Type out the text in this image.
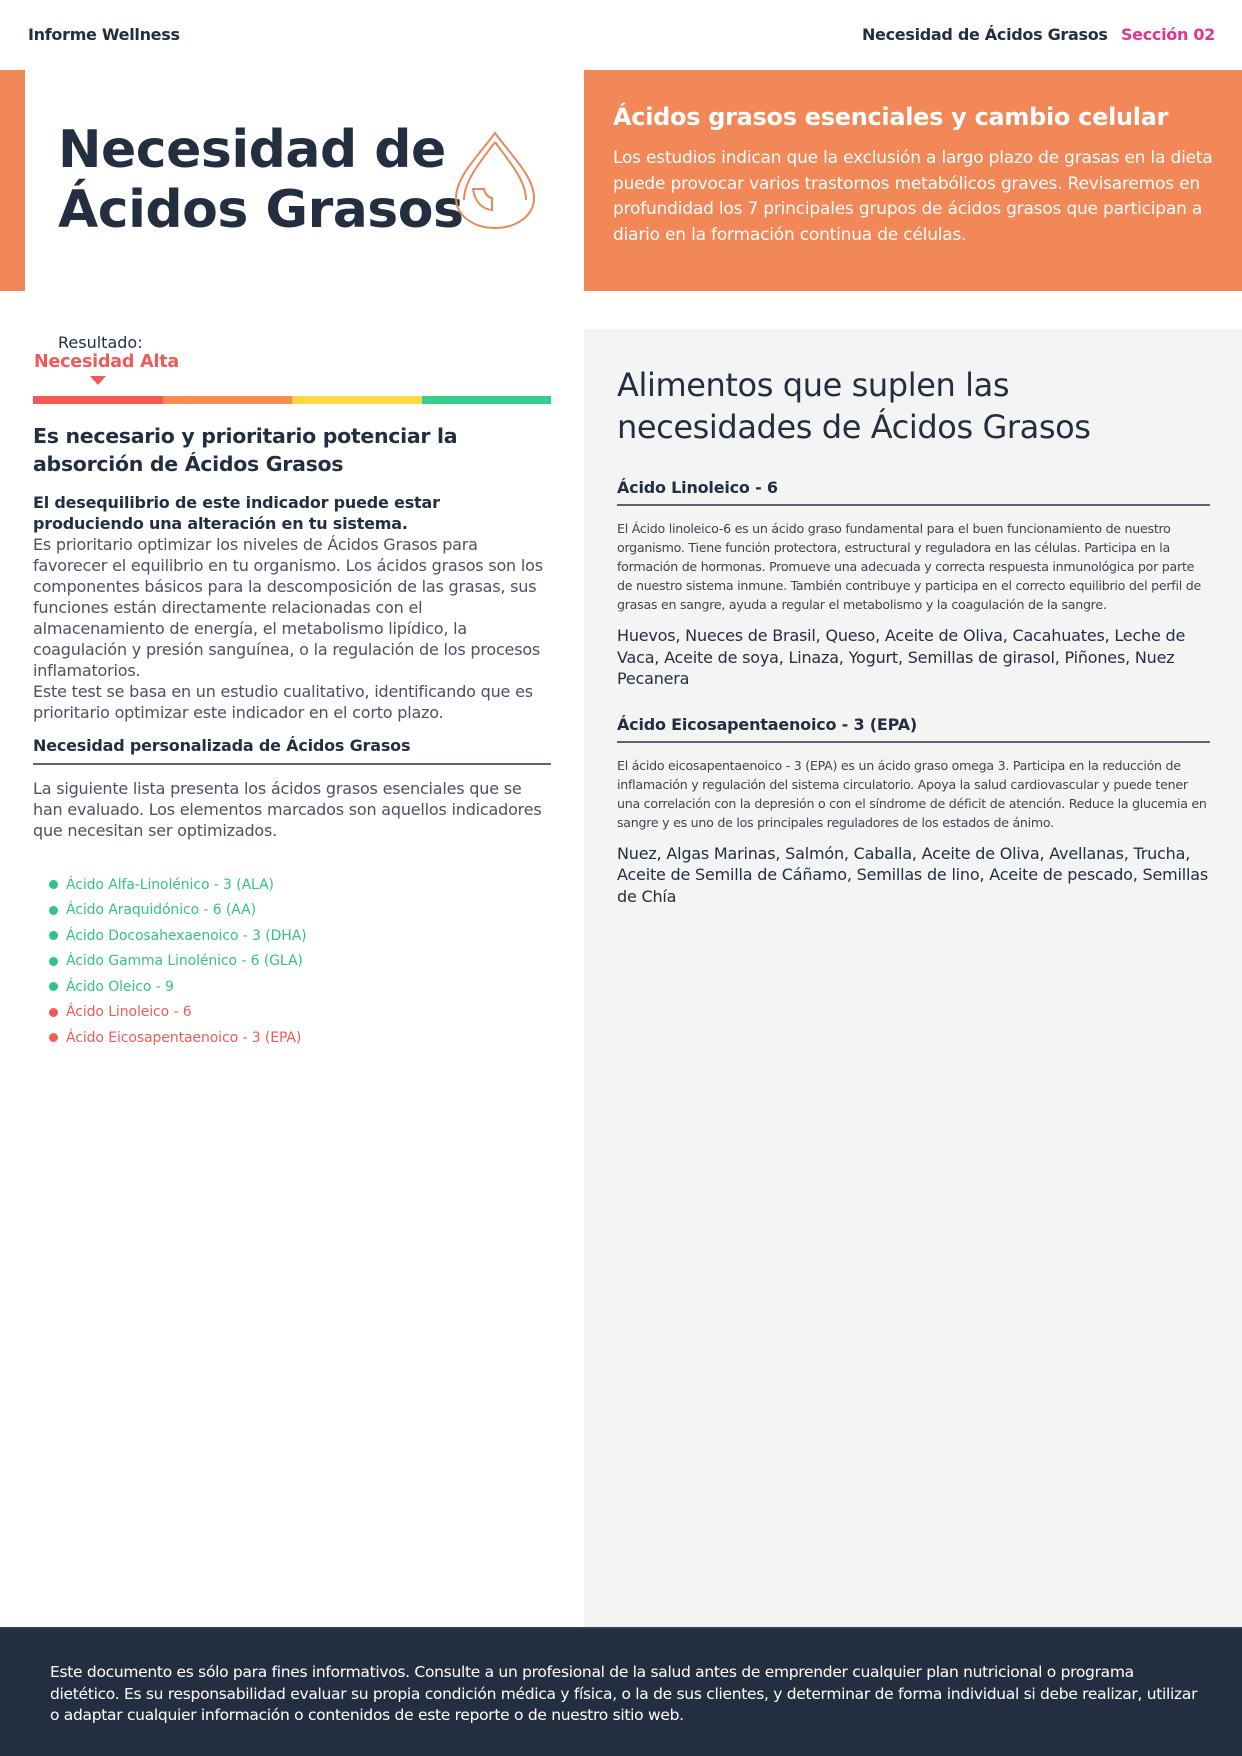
Informe Wellness	Necesidad de Ácidos Grasos Sección 02
Necesidad de
Ácidos Grasos
Ácidos grasos esenciales y cambio celular

Los estudios indican que la exclusión a largo plazo de grasas en la dieta puede provocar varios trastornos metabólicos graves. Revisaremos en profundidad los 7 principales grupos de ácidos grasos que participan a diario en la formación continua de células.

Resultado:
Necesidad Alta
Es necesario y prioritario potenciar la absorción de Ácidos Grasos
El desequilibrio de este indicador puede estar produciendo una alteración en tu sistema.
Es prioritario optimizar los niveles de Ácidos Grasos para favorecer el equilibrio en tu organismo. Los ácidos grasos son los componentes básicos para la descomposición de las grasas, sus funciones están directamente relacionadas con el almacenamiento de energía, el metabolismo lipídico, la coagulación y presión sanguínea, o la regulación de los procesos inflamatorios.
Este test se basa en un estudio cualitativo, identificando que es prioritario optimizar este indicador en el corto plazo.
Necesidad personalizada de Ácidos Grasos
La siguiente lista presenta los ácidos grasos esenciales que se han evaluado. Los elementos marcados son aquellos indicadores que necesitan ser optimizados.
Ácido Alfa-Linolénico - 3 (ALA)
Ácido Araquidónico - 6 (AA)
Ácido Docosahexaenoico - 3 (DHA)
Ácido Gamma Linolénico - 6 (GLA)
Ácido Oleico - 9
Ácido Linoleico - 6
Ácido Eicosapentaenoico - 3 (EPA)
Alimentos que suplen las necesidades de Ácidos Grasos
Ácido Linoleico - 6
El Ácido linoleico-6 es un ácido graso fundamental para el buen funcionamiento de nuestro organismo. Tiene función protectora, estructural y reguladora en las células. Participa en la formación de hormonas. Promueve una adecuada y correcta respuesta inmunológica por parte de nuestro sistema inmune. También contribuye y participa en el correcto equilibrio del perfil de grasas en sangre, ayuda a regular el metabolismo y la coagulación de la sangre.
Huevos, Nueces de Brasil, Queso, Aceite de Oliva, Cacahuates, Leche de Vaca, Aceite de soya, Linaza, Yogurt, Semillas de girasol, Piñones, Nuez Pecanera
Ácido Eicosapentaenoico - 3 (EPA)
El ácido eicosapentaenoico - 3 (EPA) es un ácido graso omega 3. Participa en la reducción de inflamación y regulación del sistema circulatorio. Apoya la salud cardiovascular y puede tener una correlación con la depresión o con el síndrome de déficit de atención. Reduce la glucemia en sangre y es uno de los principales reguladores de los estados de ánimo.
Nuez, Algas Marinas, Salmón, Caballa, Aceite de Oliva, Avellanas, Trucha, Aceite de Semilla de Cáñamo, Semillas de lino, Aceite de pescado, Semillas de Chía

Este documento es sólo para fines informativos. Consulte a un profesional de la salud antes de emprender cualquier plan nutricional o programa dietético. Es su responsabilidad evaluar su propia condición médica y física, o la de sus clientes, y determinar de forma individual si debe realizar, utilizar o adaptar cualquier información o contenidos de este reporte o de nuestro sitio web.
